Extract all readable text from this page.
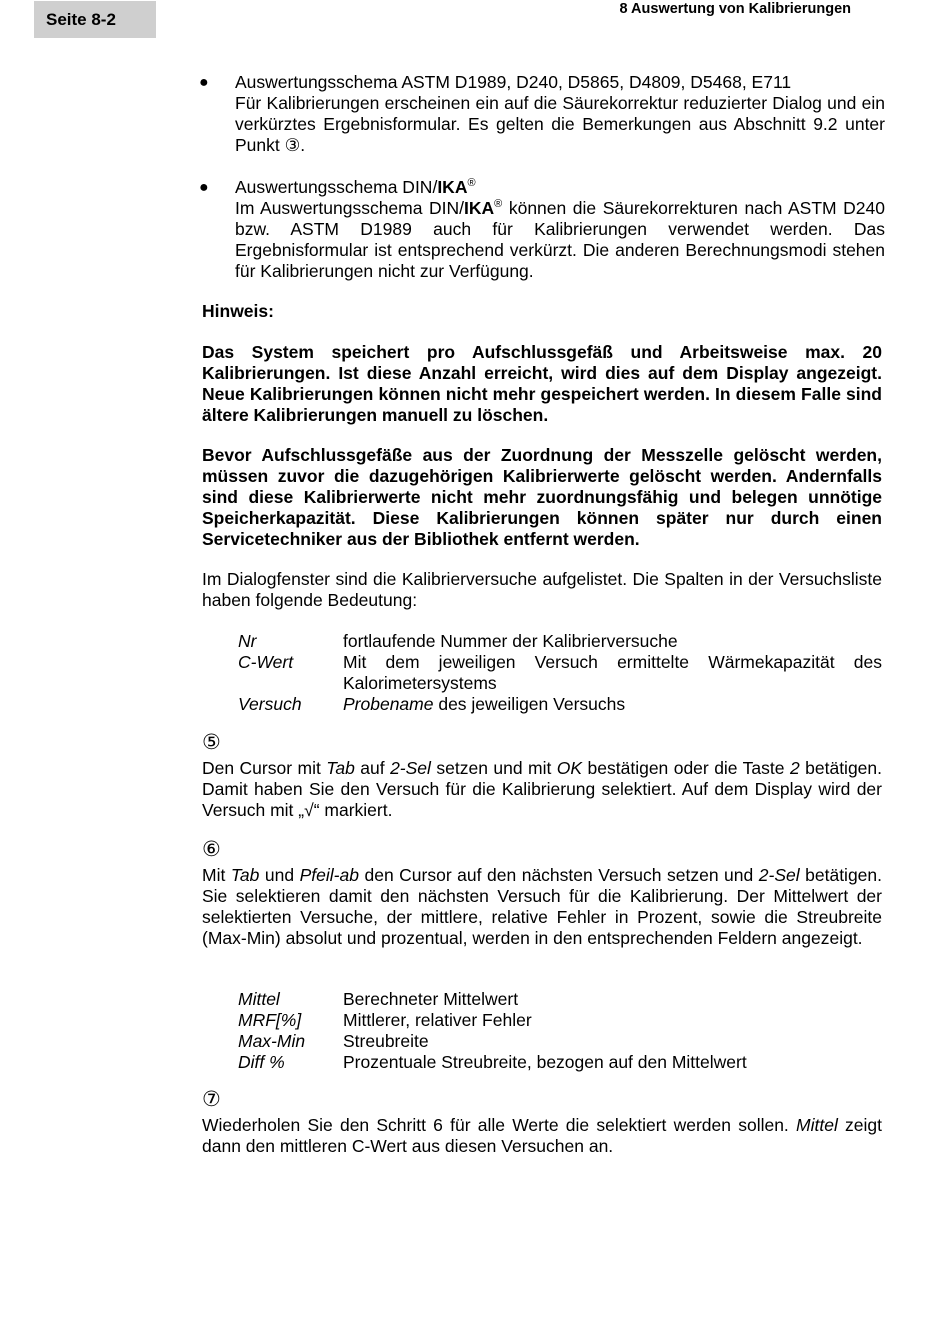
Seite 8-2
8 Auswertung von Kalibrierungen
● Auswertungsschema ASTM D1989, D240, D5865, D4809, D5468, E711
Für Kalibrierungen erscheinen ein auf die Säurekorrektur reduzierter Dialog und ein verkürztes Ergebnisformular. Es gelten die Bemerkungen aus Abschnitt 9.2 unter Punkt ③.
● Auswertungsschema DIN/IKA®
Im Auswertungsschema DIN/IKA® können die Säurekorrekturen nach ASTM D240 bzw. ASTM D1989 auch für Kalibrierungen verwendet werden. Das Ergebnisformular ist entsprechend verkürzt. Die anderen Berechnungsmodi stehen für Kalibrierungen nicht zur Verfügung.
Hinweis:
Das System speichert pro Aufschlussgefäß und Arbeitsweise max. 20 Kalibrierungen. Ist diese Anzahl erreicht, wird dies auf dem Display angezeigt. Neue Kalibrierungen können nicht mehr gespeichert werden. In diesem Falle sind ältere Kalibrierungen manuell zu löschen.
Bevor Aufschlussgefäße aus der Zuordnung der Messzelle gelöscht werden, müssen zuvor die dazugehörigen Kalibrierwerte gelöscht werden. Andernfalls sind diese Kalibrierwerte nicht mehr zuordnungsfähig und belegen unnötige Speicherkapazität. Diese Kalibrierungen können später nur durch einen Servicetechniker aus der Bibliothek entfernt werden.
Im Dialogfenster sind die Kalibrierversuche aufgelistet. Die Spalten in der Versuchsliste haben folgende Bedeutung:
Nr	fortlaufende Nummer der Kalibrierversuche
C-Wert	Mit dem jeweiligen Versuch ermittelte Wärmekapazität des Kalorimetersystems
Versuch	Probename des jeweiligen Versuchs
⑤
Den Cursor mit Tab auf 2-Sel setzen und mit OK bestätigen oder die Taste 2 betätigen. Damit haben Sie den Versuch für die Kalibrierung selektiert. Auf dem Display wird der Versuch mit „√“ markiert.
⑥
Mit Tab und Pfeil-ab den Cursor auf den nächsten Versuch setzen und 2-Sel betätigen. Sie selektieren damit den nächsten Versuch für die Kalibrierung. Der Mittelwert der selektierten Versuche, der mittlere, relative Fehler in Prozent, sowie die Streubreite (Max-Min) absolut und prozentual, werden in den entsprechenden Feldern angezeigt.
Mittel	Berechneter Mittelwert
MRF[%]	Mittlerer, relativer Fehler
Max-Min	Streubreite
Diff %	Prozentuale Streubreite, bezogen auf den Mittelwert
⑦
Wiederholen Sie den Schritt 6 für alle Werte die selektiert werden sollen. Mittel zeigt dann den mittleren C-Wert aus diesen Versuchen an.
